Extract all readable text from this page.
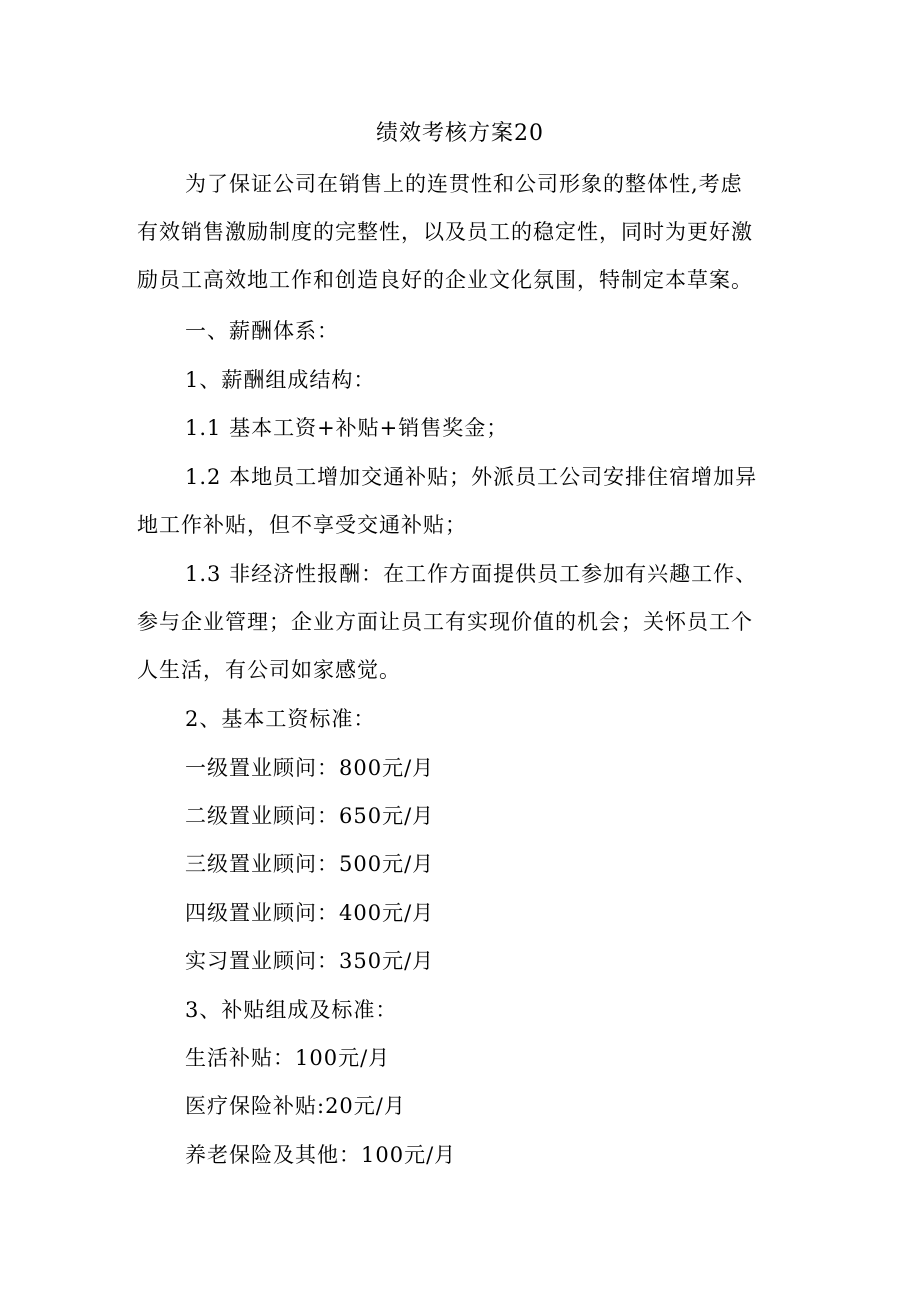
绩效考核方案20
为了保证公司在销售上的连贯性和公司形象的整体性,考虑
有效销售激励制度的完整性，以及员工的稳定性，同时为更好激
励员工高效地工作和创造良好的企业文化氛围，特制定本草案。
一、薪酬体系：
1、薪酬组成结构：
1.1 基本工资+补贴+销售奖金；
1.2 本地员工增加交通补贴；外派员工公司安排住宿增加异
地工作补贴，但不享受交通补贴；
1.3 非经济性报酬：在工作方面提供员工参加有兴趣工作、
参与企业管理；企业方面让员工有实现价值的机会；关怀员工个
人生活，有公司如家感觉。
2、基本工资标准：
一级置业顾问：800元/月
二级置业顾问：650元/月
三级置业顾问：500元/月
四级置业顾问：400元/月
实习置业顾问：350元/月
3、补贴组成及标准：
生活补贴：100元/月
医疗保险补贴:20元/月
养老保险及其他：100元/月
